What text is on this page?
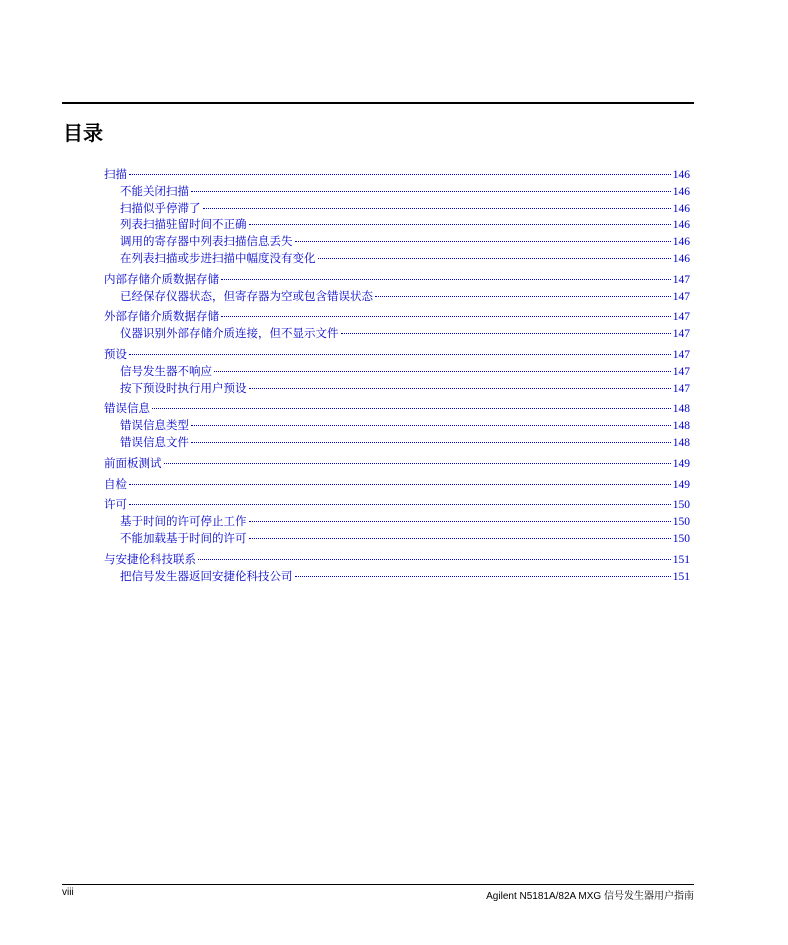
目录
扫描	146
不能关闭扫描	146
扫描似乎停滞了	146
列表扫描驻留时间不正确	146
调用的寄存器中列表扫描信息丢失	146
在列表扫描或步进扫描中幅度没有变化	146
内部存储介质数据存储	147
已经保存仪器状态，但寄存器为空或包含错误状态	147
外部存储介质数据存储	147
仪器识别外部存储介质连接，但不显示文件	147
预设	147
信号发生器不响应	147
按下预设时执行用户预设	147
错误信息	148
错误信息类型	148
错误信息文件	148
前面板测试	149
自检	149
许可	150
基于时间的许可停止工作	150
不能加载基于时间的许可	150
与安捷伦科技联系	151
把信号发生器返回安捷伦科技公司	151
viii	Agilent N5181A/82A MXG 信号发生器用户指南
